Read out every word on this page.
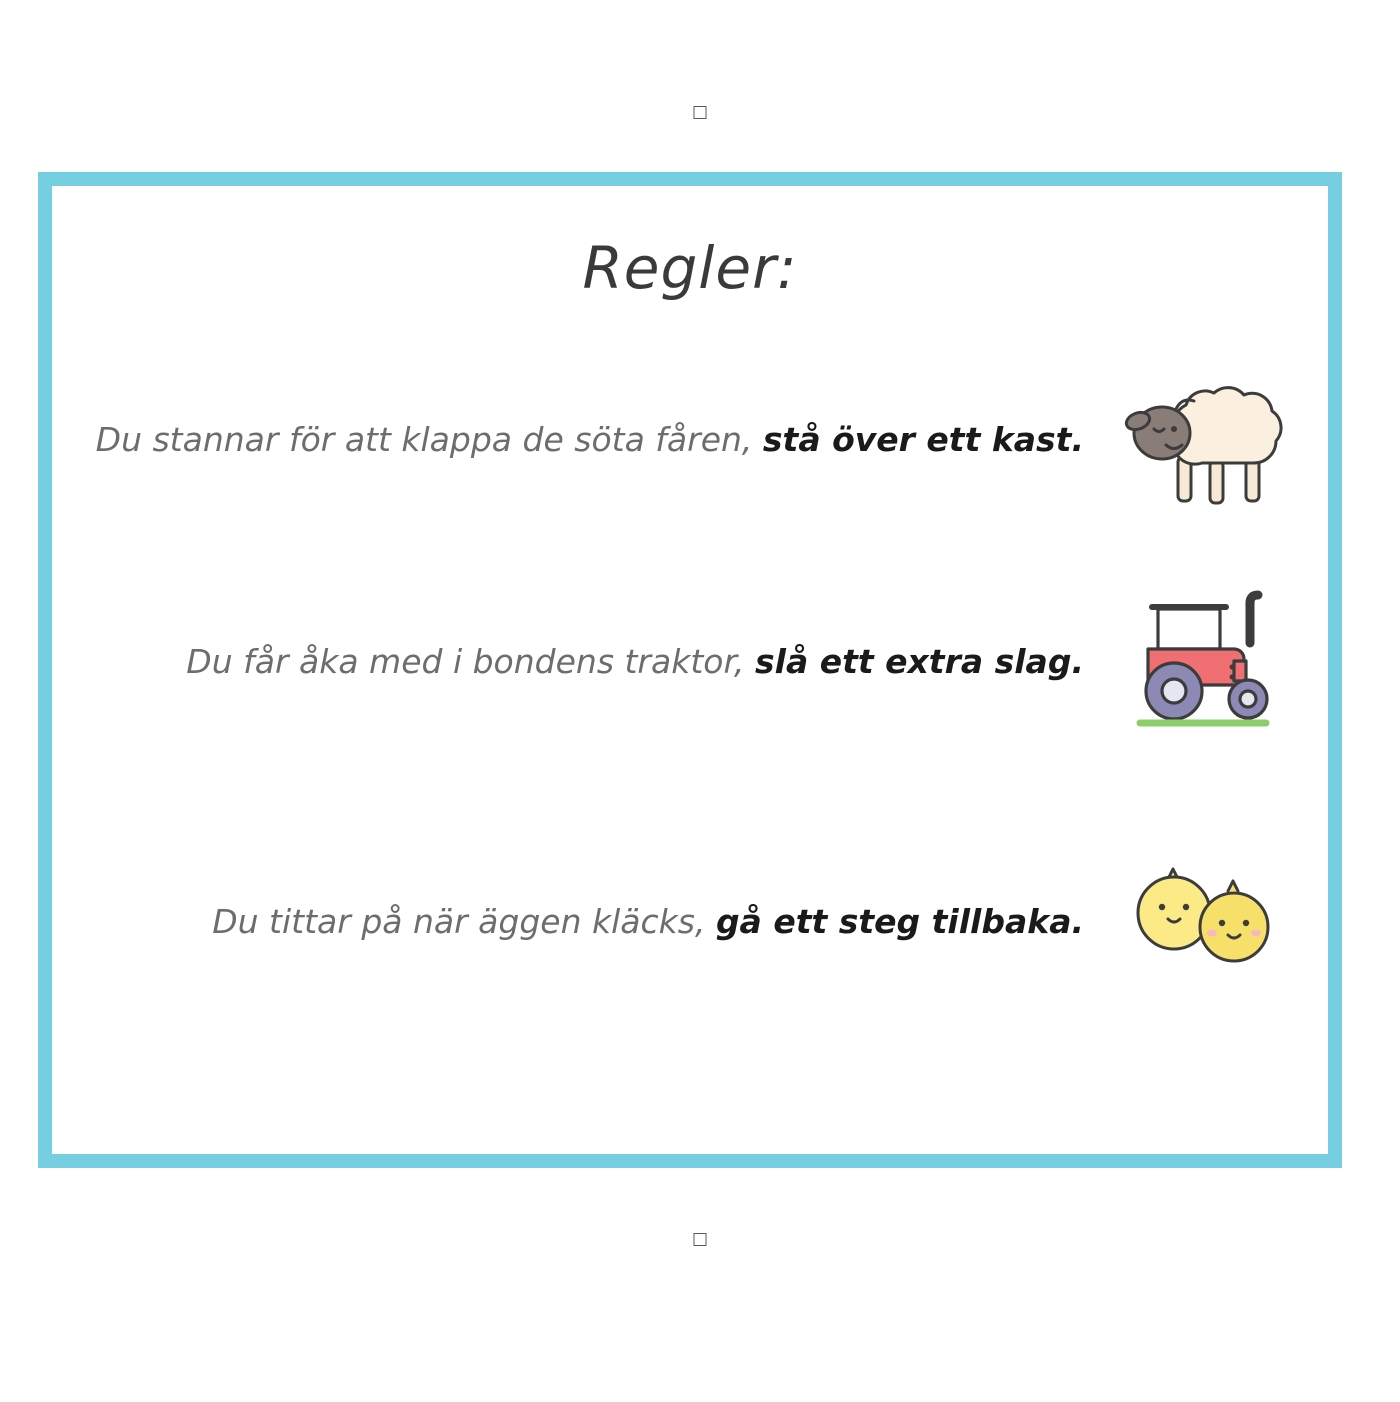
Regler:
Du stannar för att klappa de söta fåren, stå över ett kast.
Du får åka med i bondens traktor, slå ett extra slag.
Du tittar på när äggen kläcks, gå ett steg tillbaka.
